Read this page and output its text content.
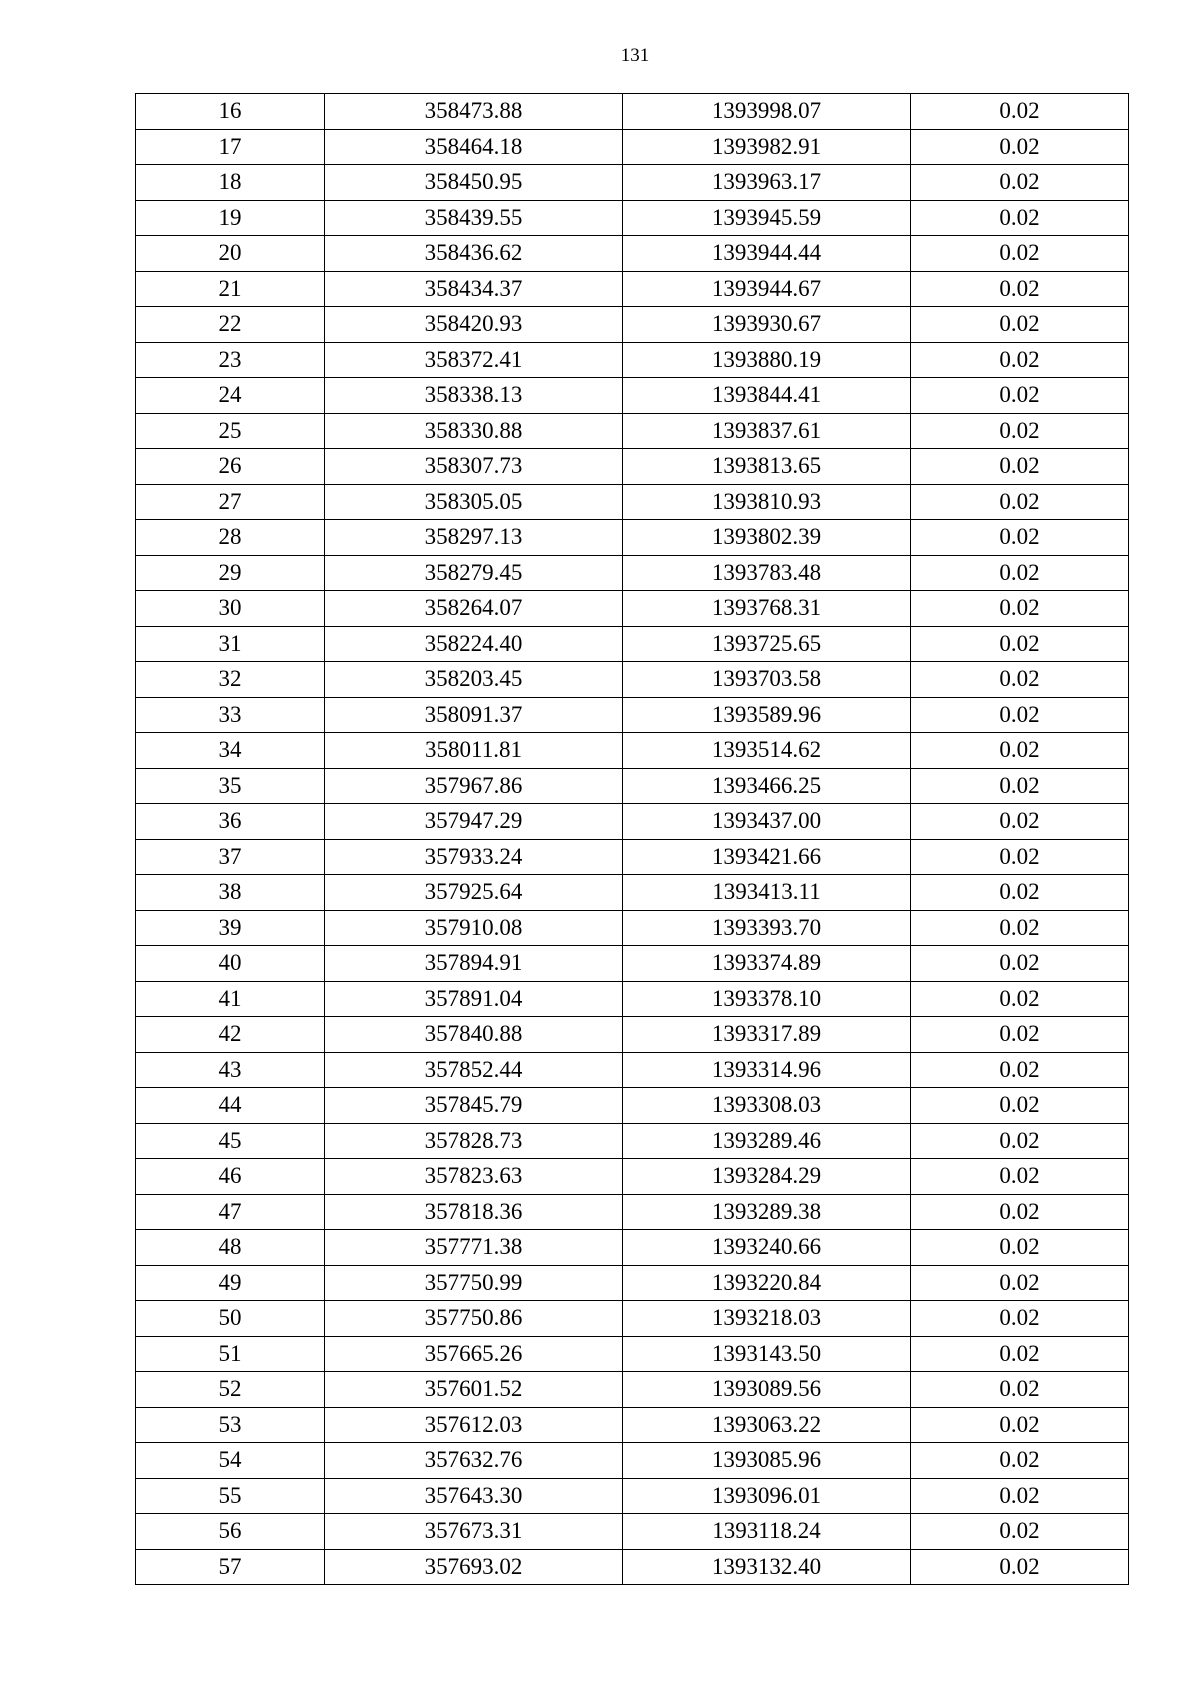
131
16	358473.88	1393998.07	0.02
17	358464.18	1393982.91	0.02
18	358450.95	1393963.17	0.02
19	358439.55	1393945.59	0.02
20	358436.62	1393944.44	0.02
21	358434.37	1393944.67	0.02
22	358420.93	1393930.67	0.02
23	358372.41	1393880.19	0.02
24	358338.13	1393844.41	0.02
25	358330.88	1393837.61	0.02
26	358307.73	1393813.65	0.02
27	358305.05	1393810.93	0.02
28	358297.13	1393802.39	0.02
29	358279.45	1393783.48	0.02
30	358264.07	1393768.31	0.02
31	358224.40	1393725.65	0.02
32	358203.45	1393703.58	0.02
33	358091.37	1393589.96	0.02
34	358011.81	1393514.62	0.02
35	357967.86	1393466.25	0.02
36	357947.29	1393437.00	0.02
37	357933.24	1393421.66	0.02
38	357925.64	1393413.11	0.02
39	357910.08	1393393.70	0.02
40	357894.91	1393374.89	0.02
41	357891.04	1393378.10	0.02
42	357840.88	1393317.89	0.02
43	357852.44	1393314.96	0.02
44	357845.79	1393308.03	0.02
45	357828.73	1393289.46	0.02
46	357823.63	1393284.29	0.02
47	357818.36	1393289.38	0.02
48	357771.38	1393240.66	0.02
49	357750.99	1393220.84	0.02
50	357750.86	1393218.03	0.02
51	357665.26	1393143.50	0.02
52	357601.52	1393089.56	0.02
53	357612.03	1393063.22	0.02
54	357632.76	1393085.96	0.02
55	357643.30	1393096.01	0.02
56	357673.31	1393118.24	0.02
57	357693.02	1393132.40	0.02
